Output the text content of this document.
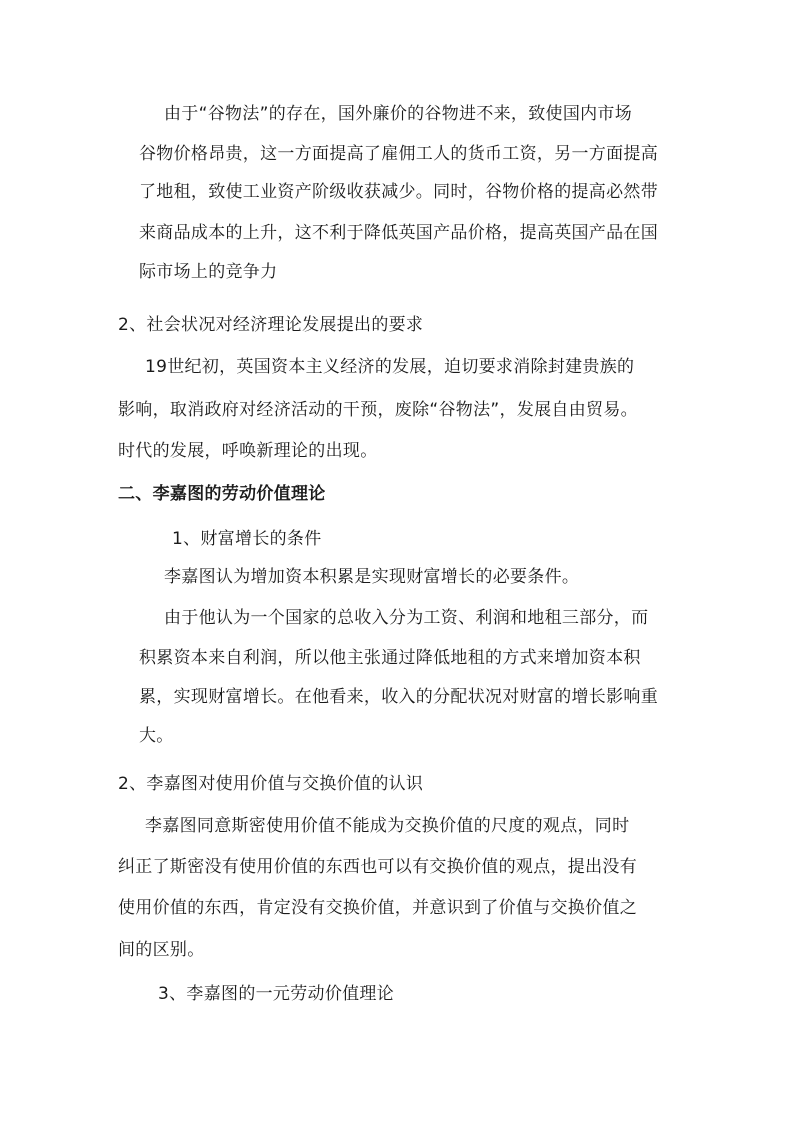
由于“谷物法”的存在，国外廉价的谷物进不来，致使国内市场
谷物价格昂贵，这一方面提高了雇佣工人的货币工资，另一方面提高
了地租，致使工业资产阶级收获减少。同时，谷物价格的提高必然带
来商品成本的上升，这不利于降低英国产品价格，提高英国产品在国
际市场上的竞争力
2、社会状况对经济理论发展提出的要求
19世纪初，英国资本主义经济的发展，迫切要求消除封建贵族的
影响，取消政府对经济活动的干预，废除“谷物法”，发展自由贸易。
时代的发展，呼唤新理论的出现。
二、李嘉图的劳动价值理论
1、财富增长的条件
李嘉图认为增加资本积累是实现财富增长的必要条件。
由于他认为一个国家的总收入分为工资、利润和地租三部分，而
积累资本来自利润，所以他主张通过降低地租的方式来增加资本积
累，实现财富增长。在他看来，收入的分配状况对财富的增长影响重
大。
2、李嘉图对使用价值与交换价值的认识
李嘉图同意斯密使用价值不能成为交换价值的尺度的观点，同时
纠正了斯密没有使用价值的东西也可以有交换价值的观点，提出没有
使用价值的东西，肯定没有交换价值，并意识到了价值与交换价值之
间的区别。
3、李嘉图的一元劳动价值理论
